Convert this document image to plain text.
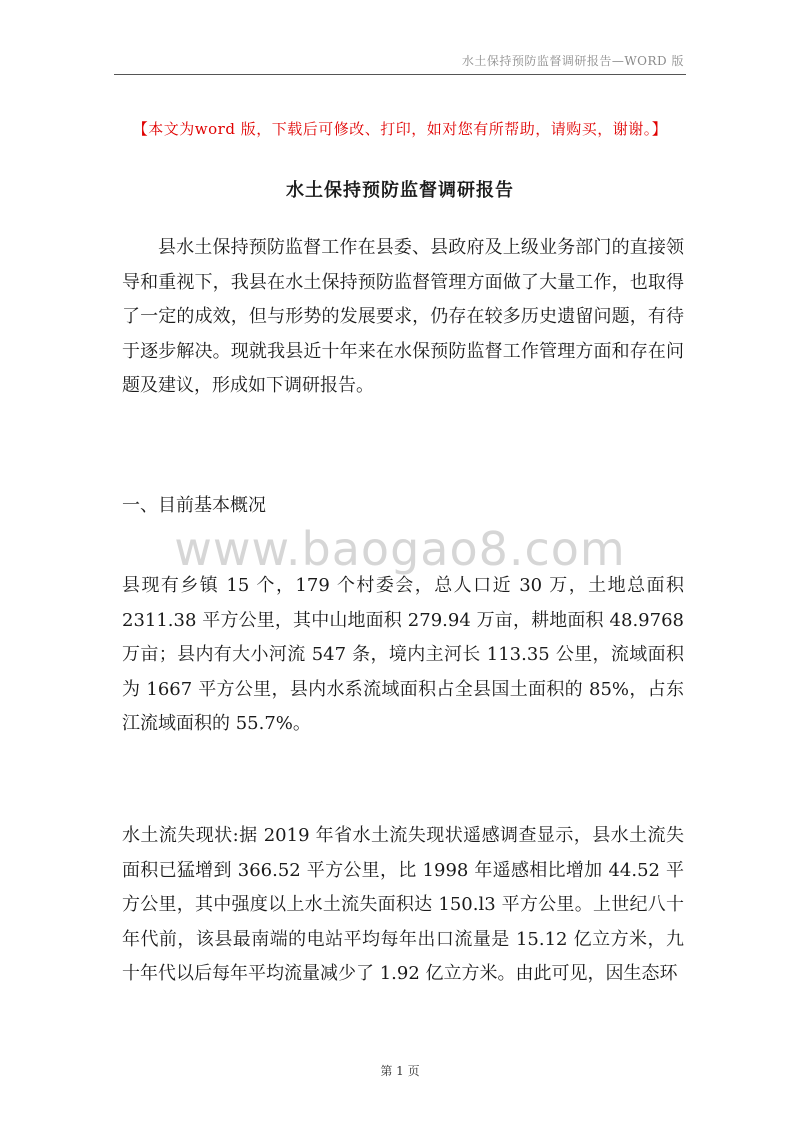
水土保持预防监督调研报告—WORD 版
【本文为word 版，下载后可修改、打印，如对您有所帮助，请购买，谢谢。】
水土保持预防监督调研报告

县水土保持预防监督工作在县委、县政府及上级业务部门的直接领导和重视下，我县在水土保持预防监督管理方面做了大量工作，也取得了一定的成效，但与形势的发展要求，仍存在较多历史遗留问题，有待于逐步解决。现就我县近十年来在水保预防监督工作管理方面和存在问题及建议，形成如下调研报告。

一、目前基本概况

www.baogao8.com

县现有乡镇 15 个，179 个村委会，总人口近 30 万，土地总面积 2311.38 平方公里，其中山地面积 279.94 万亩，耕地面积 48.9768 万亩；县内有大小河流 547 条，境内主河长 113.35 公里，流域面积为 1667 平方公里，县内水系流域面积占全县国土面积的 85%，占东江流域面积的 55.7%。

水土流失现状:据 2019 年省水土流失现状遥感调查显示，县水土流失面积已猛增到 366.52 平方公里，比 1998 年遥感相比增加 44.52 平方公里，其中强度以上水土流失面积达 150.l3 平方公里。上世纪八十年代前，该县最南端的电站平均每年出口流量是 15.12 亿立方米，九十年代以后每年平均流量减少了 1.92 亿立方米。由此可见，因生态环

第 1 页
